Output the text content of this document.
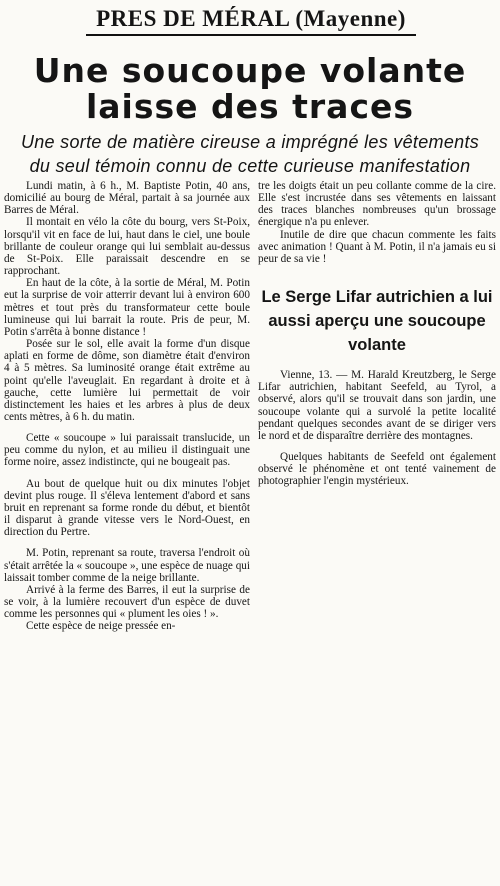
PRES DE MÉRAL (Mayenne)
Une soucoupe volante laisse des traces
Une sorte de matière cireuse a imprégné les vêtements du seul témoin connu de cette curieuse manifestation

Lundi matin, à 6 h., M. Baptiste Potin, 40 ans, domicilié au bourg de Méral, partait à sa journée aux Barres de Méral.

Il montait en vélo la côte du bourg, vers St-Poix, lorsqu'il vit en face de lui, haut dans le ciel, une boule brillante de couleur orange qui lui semblait au-dessus de St-Poix. Elle paraissait descendre en se rapprochant.

En haut de la côte, à la sortie de Méral, M. Potin eut la surprise de voir atterrir devant lui à environ 600 mètres et tout près du transformateur cette boule lumineuse qui lui barrait la route. Pris de peur, M. Potin s'arrêta à bonne distance !

Posée sur le sol, elle avait la forme d'un disque aplati en forme de dôme, son diamètre était d'environ 4 à 5 mètres. Sa luminosité orange était extrême au point qu'elle l'aveuglait. En regardant à droite et à gauche, cette lumière lui permettait de voir distinctement les haies et les arbres à plus de deux cents mètres, à 6 h. du matin.

Cette « soucoupe » lui paraissait translucide, un peu comme du nylon, et au milieu il distinguait une forme noire, assez indistincte, qui ne bougeait pas.

Au bout de quelque huit ou dix minutes l'objet devint plus rouge. Il s'éleva lentement d'abord et sans bruit en reprenant sa forme ronde du début, et bientôt il disparut à grande vitesse vers le Nord-Ouest, en direction du Pertre.

M. Potin, reprenant sa route, traversa l'endroit où s'était arrêtée la « soucoupe », une espèce de nuage qui laissait tomber comme de la neige brillante.

Arrivé à la ferme des Barres, il eut la surprise de se voir, à la lumière recouvert d'un espèce de duvet comme les personnes qui « plument les oies ! ».

Cette espèce de neige pressée en-

tre les doigts était un peu collante comme de la cire. Elle s'est incrustée dans ses vêtements en laissant des traces blanches nombreuses qu'un brossage énergique n'a pu enlever.

Inutile de dire que chacun commente les faits avec animation ! Quant à M. Potin, il n'a jamais eu si peur de sa vie !

Le Serge Lifar autrichien a lui aussi aperçu une soucoupe volante

Vienne, 13. — M. Harald Kreutzberg, le Serge Lifar autrichien, habitant Seefeld, au Tyrol, a observé, alors qu'il se trouvait dans son jardin, une soucoupe volante qui a survolé la petite localité pendant quelques secondes avant de se diriger vers le nord et de disparaître derrière des montagnes.

Quelques habitants de Seefeld ont également observé le phénomène et ont tenté vainement de photographier l'engin mystérieux.
